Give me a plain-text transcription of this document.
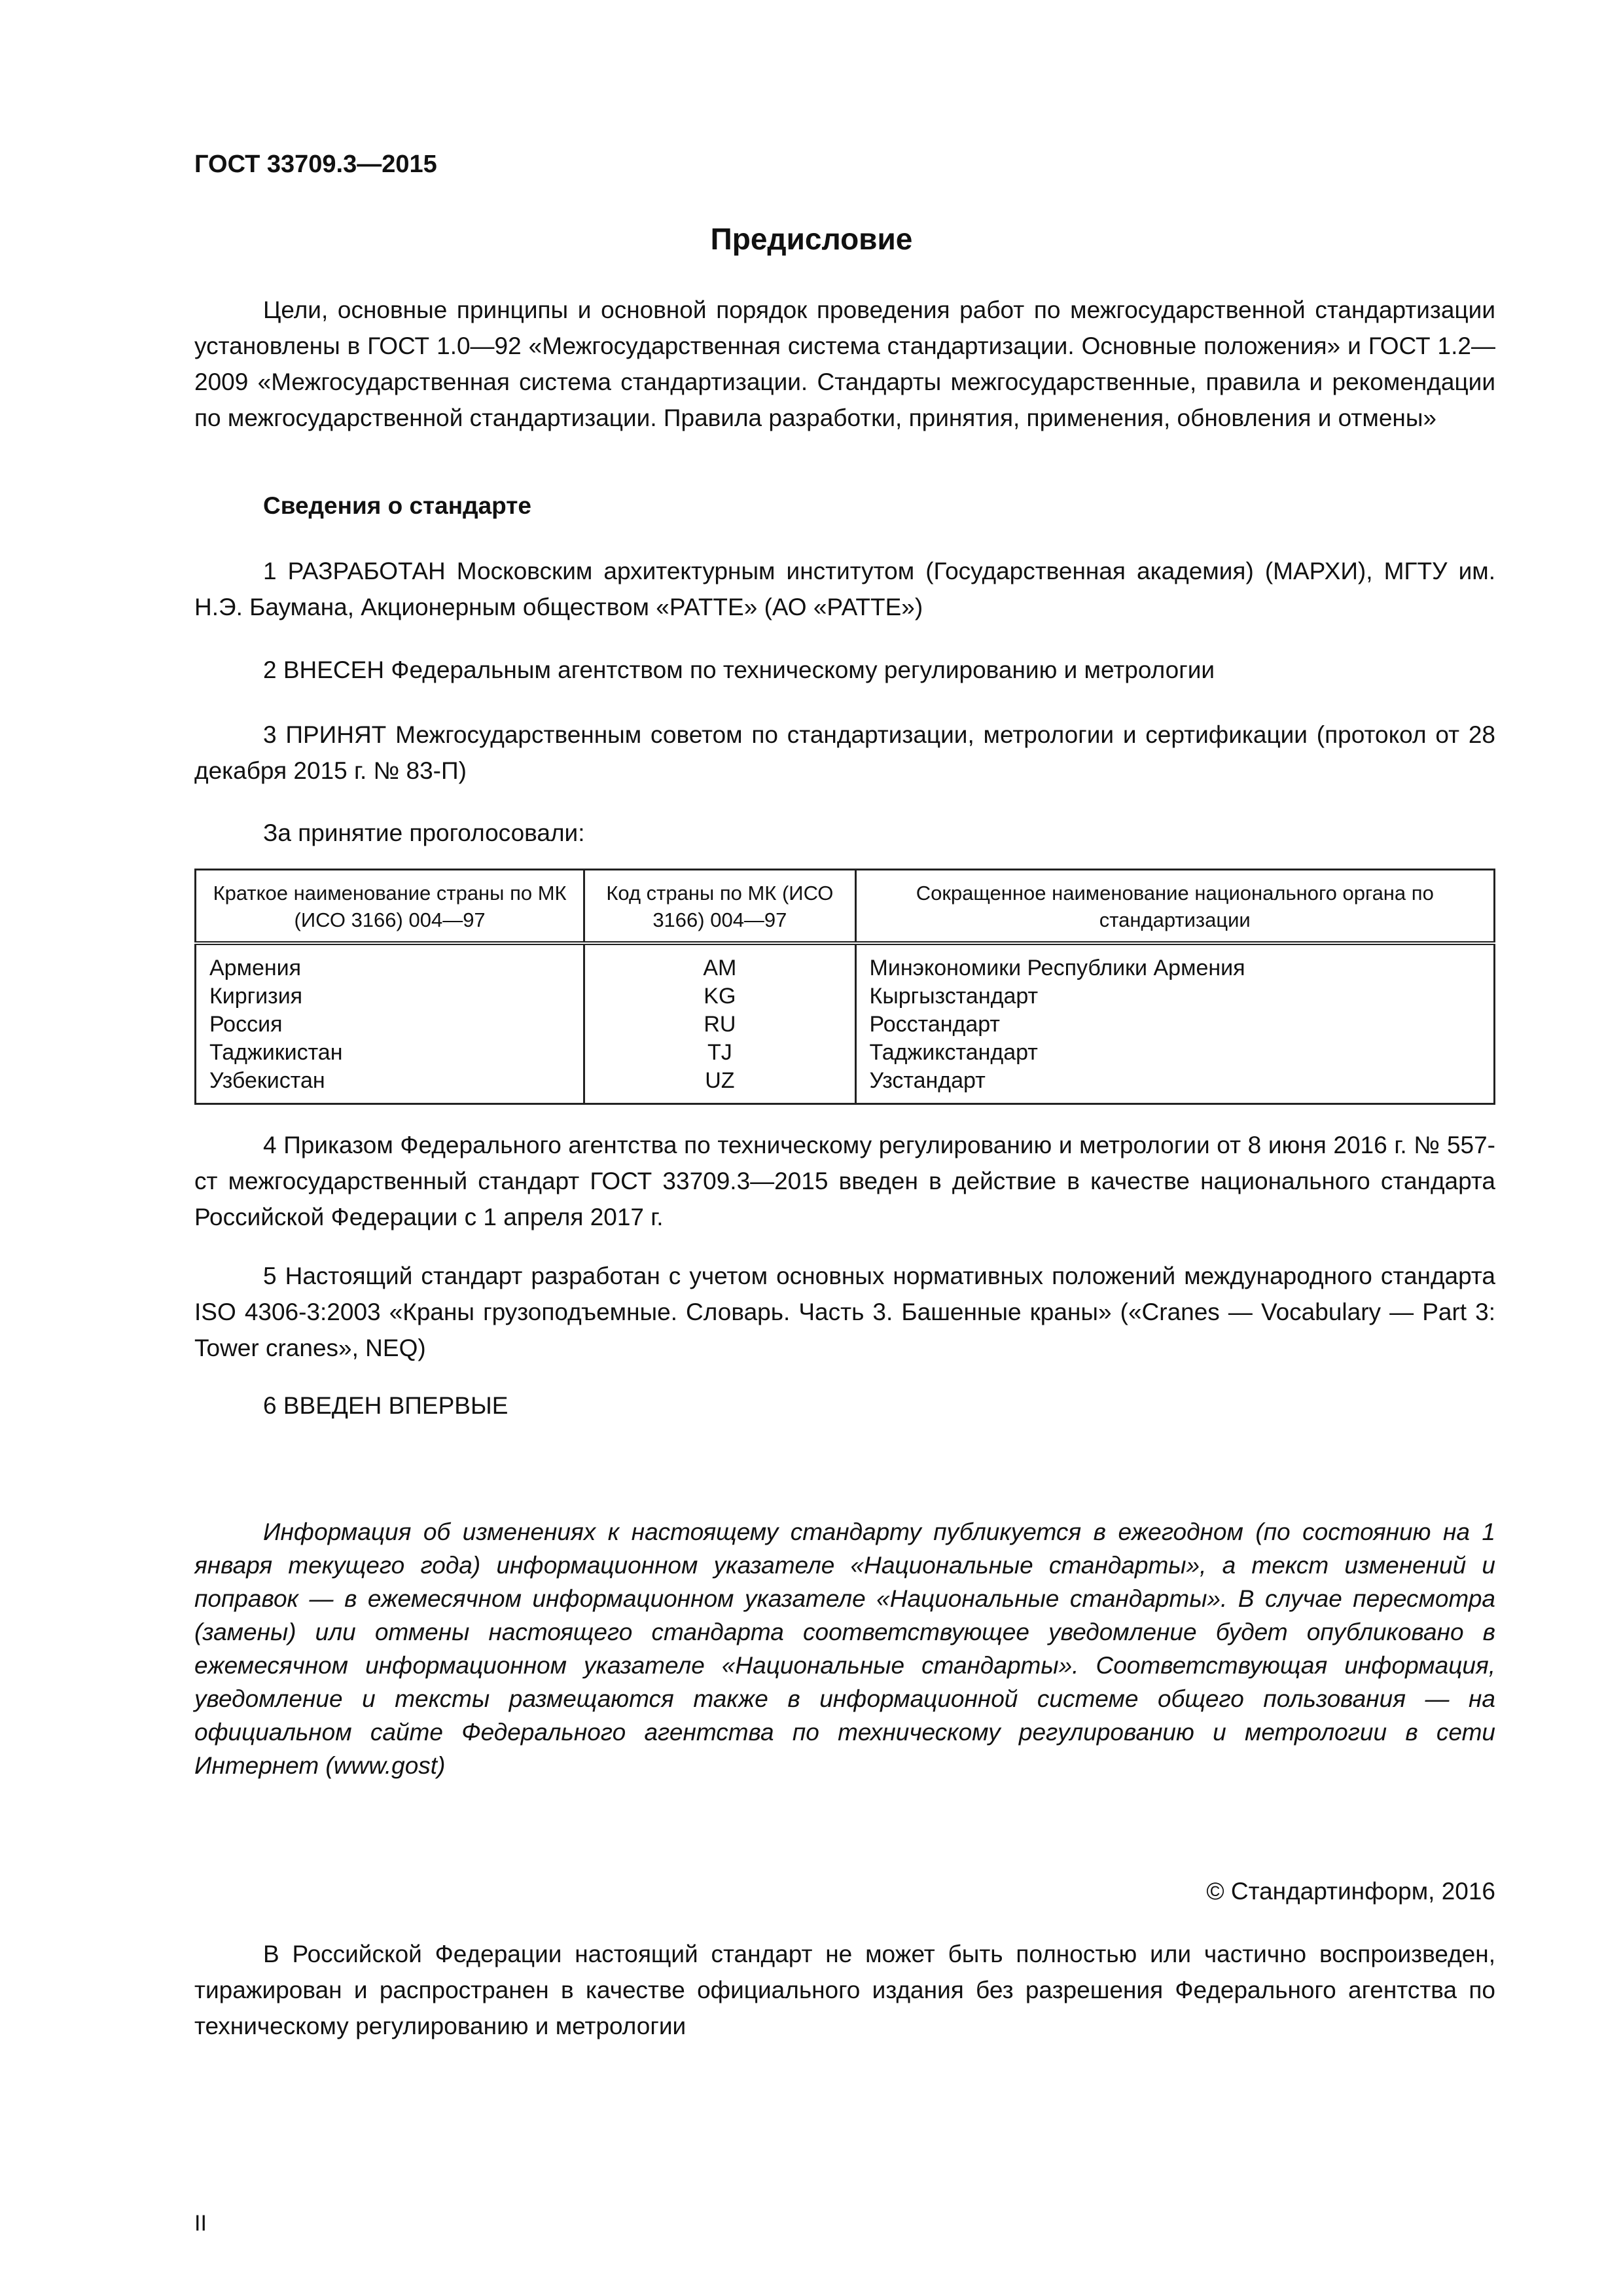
ГОСТ 33709.3—2015
Предисловие

Цели, основные принципы и основной порядок проведения работ по межгосударственной стандартизации установлены в ГОСТ 1.0—92 «Межгосударственная система стандартизации. Основные положения» и ГОСТ 1.2—2009 «Межгосударственная система стандартизации. Стандарты межгосударственные, правила и рекомендации по межгосударственной стандартизации. Правила разработки, принятия, применения, обновления и отмены»

Сведения о стандарте

1 РАЗРАБОТАН Московским архитектурным институтом (Государственная академия) (МАРХИ), МГТУ им. Н.Э. Баумана, Акционерным обществом «РАТТЕ» (АО «РАТТЕ»)

2 ВНЕСЕН Федеральным агентством по техническому регулированию и метрологии

3 ПРИНЯТ Межгосударственным советом по стандартизации, метрологии и сертификации (протокол от 28 декабря 2015 г. № 83-П)

За принятие проголосовали:

Краткое наименование страны по МК (ИСО 3166) 004—97	Код страны по МК (ИСО 3166) 004—97	Сокращенное наименование национального органа по стандартизации
Армения	AM	Минэкономики Республики Армения
Киргизия	KG	Кыргызстандарт
Россия	RU	Росстандарт
Таджикистан	TJ	Таджикстандарт
Узбекистан	UZ	Узстандарт

4 Приказом Федерального агентства по техническому регулированию и метрологии от 8 июня 2016 г. № 557-ст межгосударственный стандарт ГОСТ 33709.3—2015 введен в действие в качестве национального стандарта Российской Федерации с 1 апреля 2017 г.

5 Настоящий стандарт разработан с учетом основных нормативных положений международного стандарта ISO 4306-3:2003 «Краны грузоподъемные. Словарь. Часть 3. Башенные краны» («Cranes — Vocabulary — Part 3: Tower cranes», NEQ)

6 ВВЕДЕН ВПЕРВЫЕ

Информация об изменениях к настоящему стандарту публикуется в ежегодном (по состоянию на 1 января текущего года) информационном указателе «Национальные стандарты», а текст изменений и поправок — в ежемесячном информационном указателе «Национальные стандарты». В случае пересмотра (замены) или отмены настоящего стандарта соответствующее уведомление будет опубликовано в ежемесячном информационном указателе «Национальные стандарты». Соответствующая информация, уведомление и тексты размещаются также в информационной системе общего пользования — на официальном сайте Федерального агентства по техническому регулированию и метрологии в сети Интернет (www.gost)

© Стандартинформ, 2016

В Российской Федерации настоящий стандарт не может быть полностью или частично воспроизведен, тиражирован и распространен в качестве официального издания без разрешения Федерального агентства по техническому регулированию и метрологии

II
